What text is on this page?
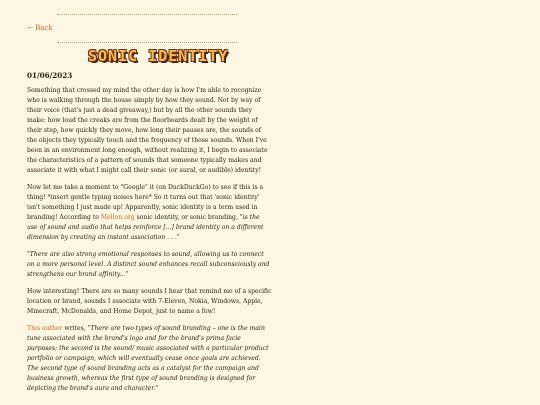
← Back
SONIC IDENTITY

01/06/2023

Something that crossed my mind the other day is how I'm able to recognize who is walking through the house simply by how they sound. Not by way of their voice (that's just a dead giveaway,) but by all the other sounds they make: how loud the creaks are from the floorboards dealt by the weight of their step, how quickly they move, how long their pauses are, the sounds of the objects they typically touch and the frequency of those sounds. When I've been in an environment long enough, without realizing it, I begin to associate the characteristics of a pattern of sounds that someone typically makes and associate it with what I might call their sonic (or aural, or audible) identity!

Now let me take a moment to "Google" it (on DuckDuckGo) to see if this is a thing! *insert gentle typing noises here* So it turns out that 'sonic identity' isn't something I just made up! Apparently, sonic identity is a term used in branding! According to Mellon.org sonic identity, or sonic branding, "is the use of sound and audio that helps reinforce [...] brand identity on a different dimension by creating an instant association . . ."

"There are also strong emotional responses to sound, allowing us to connect on a more personal level. A distinct sound enhances recall subconsciously and strengthens our brand affinity..."

How interesting! There are so many sounds I hear that remind me of a specific location or brand, sounds I associate with 7-Eleven, Nokia, Windows, Apple, Minecraft, McDonalds, and Home Depot, just to name a few!

This author writes, "There are two types of sound branding – one is the main tune associated with the brand's logo and for the brand's prima facie purposes; the second is the sound/ music associated with a particular product portfolio or campaign, which will eventually cease once goals are achieved. The second type of sound branding acts as a catalyst for the campaign and business growth, whereas the first type of sound branding is designed for depicting the brand's aura and character."
